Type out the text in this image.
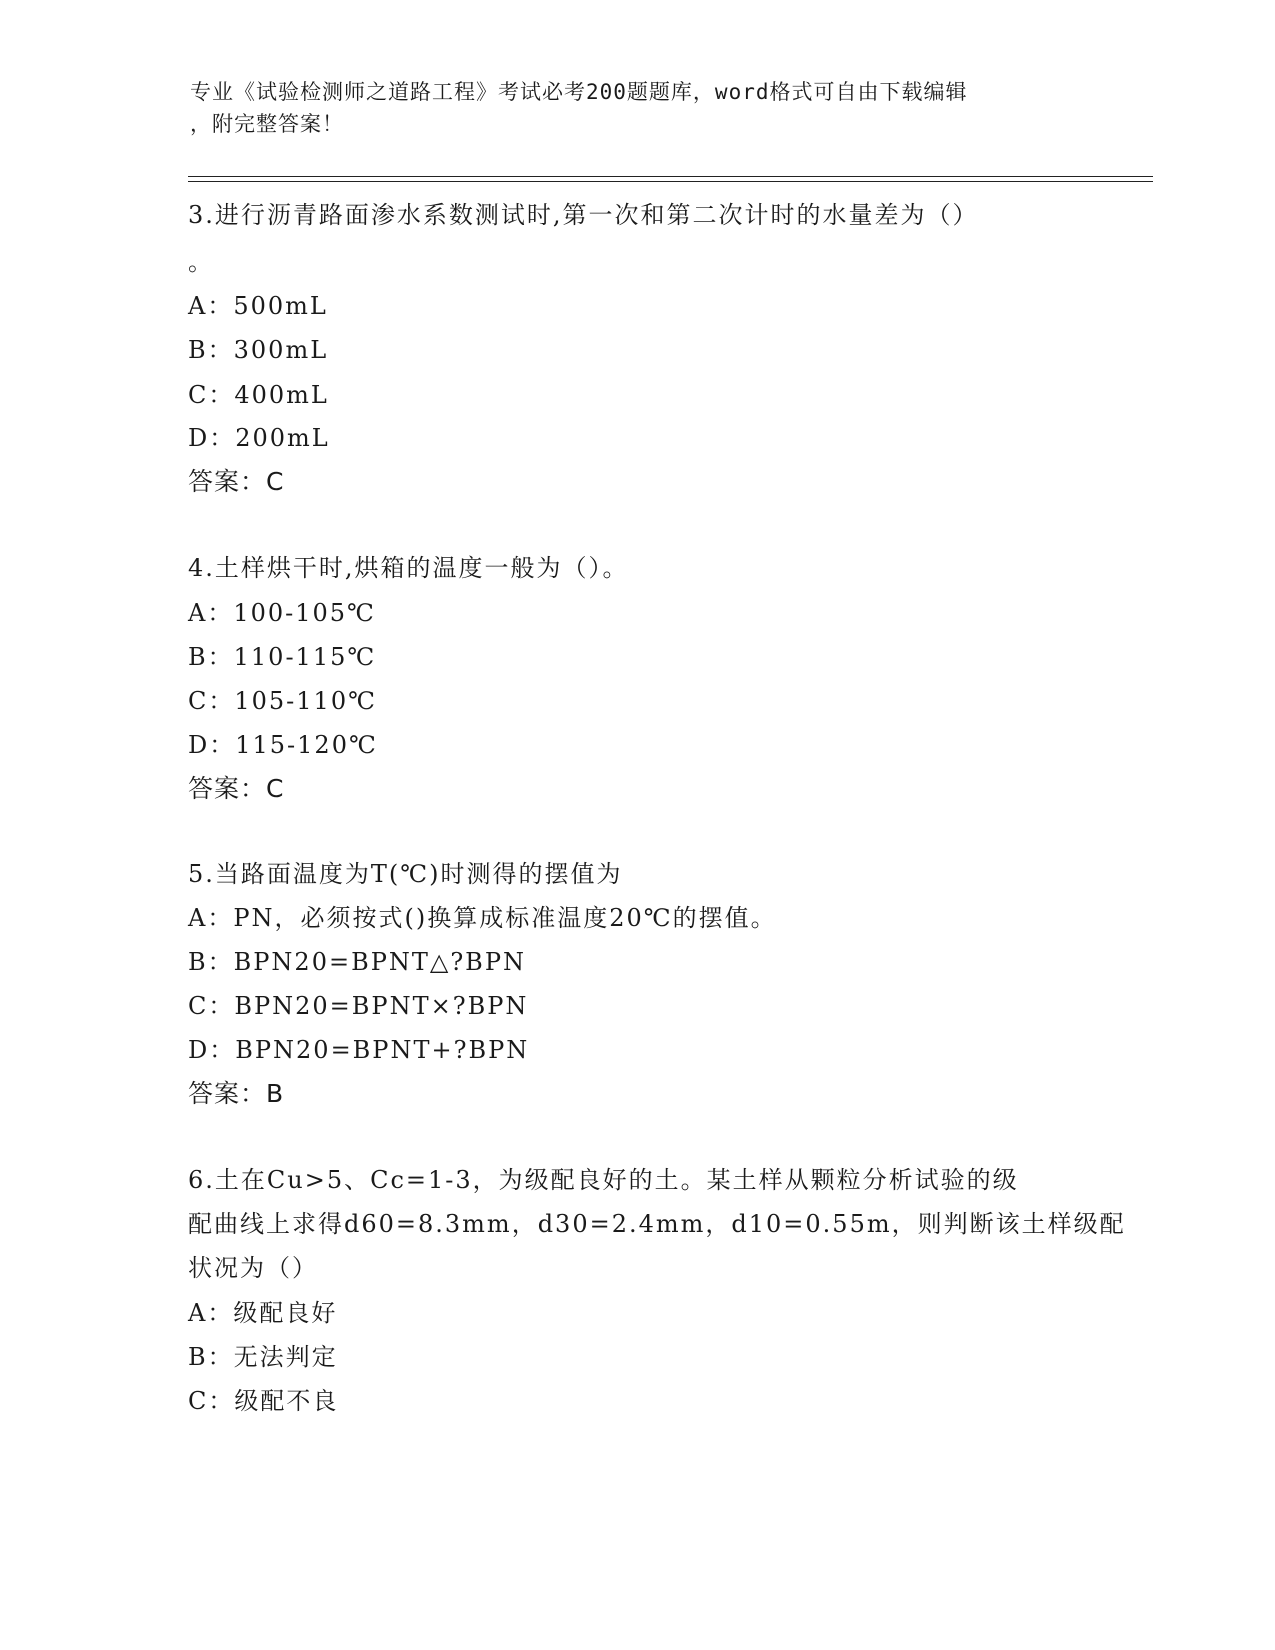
专业《试验检测师之道路工程》考试必考200题题库，word格式可自由下载编辑
，附完整答案！
3.进行沥青路面渗水系数测试时,第一次和第二次计时的水量差为（）
。
A：500mL
B：300mL
C：400mL
D：200mL
答案：C
4.土样烘干时,烘箱的温度一般为（）。
A：100-105℃
B：110-115℃
C：105-110℃
D：115-120℃
答案：C
5.当路面温度为T(℃)时测得的摆值为
A：PN，必须按式()换算成标准温度20℃的摆值。
B：BPN20=BPNT△?BPN
C：BPN20=BPNT×?BPN
D：BPN20=BPNT+?BPN
答案：B
6.土在Cu>5、Cc=1-3，为级配良好的土。某土样从颗粒分析试验的级
配曲线上求得d60=8.3mm，d30=2.4mm，d10=0.55m，则判断该土样级配
状况为（）
A：级配良好
B：无法判定
C：级配不良
